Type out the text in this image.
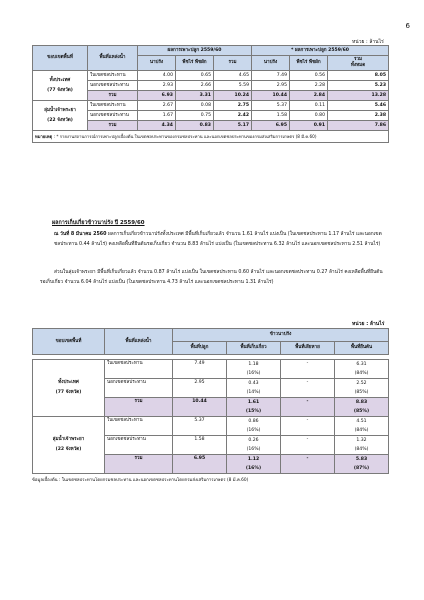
6
หน่วย : ล้านไร่
ขอบเขตพื้นที่	พื้นที่แหล่งน้ำ	ผลการเพาะปลูก 2559/60			* ผลการเพาะปลูก 2559/60		
		นาปรัง	พืชไร่ พืชผัก	รวม	นาปรัง	พืชไร่ พืชผัก	รวม
ทั้งหมด
ทั้งประเทศ
(77 จังหวัด)	ในเขตชลประทาน	4.00	0.65	4.65	7.49	0.56	8.05
	นอกเขตชลประทาน	2.93	2.66	5.59	2.95	2.28	5.23
	รวม	6.93	3.31	10.24	10.44	2.84	13.28
ลุ่มน้ำเจ้าพระยา
(22 จังหวัด)	ในเขตชลประทาน	2.67	0.08	2.75	5.37	0.11	5.46
	นอกเขตชลประทาน	1.67	0.75	2.42	1.58	0.80	2.38
	รวม	4.34	0.83	5.17	6.95	0.91	7.86
หมายเหตุ : * รายงานสถานการณ์การเพาะปลูกเบื้องต้น ในเขตชลประทานของกรมชลประทาน และนอกเขตชลประทานของกรมส่งเสริมการเกษตร (8 มี.ค.60)							
ผลการเก็บเกี่ยวข้าวนาปรัง ปี 2559/60
ณ วันที่ 8 มีนาคม 2560 ผลการเก็บเกี่ยวข้าวนาปรังทั้งประเทศ มีพื้นที่เก็บเกี่ยวแล้ว จำนวน 1.61 ล้านไร่ แบ่งเป็น (ในเขตชลประทาน 1.17 ล้านไร่ และนอกเขตชลประทาน 0.44 ล้านไร่) คงเหลือพื้นที่ยืนต้นรอเก็บเกี่ยว จำนวน 8.83 ล้านไร่ แบ่งเป็น (ในเขตชลประทาน 6.32 ล้านไร่ และนอกเขตชลประทาน 2.51 ล้านไร่)
ส่วนในลุ่มเจ้าพระยา มีพื้นที่เก็บเกี่ยวแล้ว จำนวน 0.87 ล้านไร่ แบ่งเป็น ในเขตชลประทาน 0.60 ล้านไร่ และนอกเขตชลประทาน 0.27 ล้านไร่ คงเหลือพื้นที่ยืนต้นรอเก็บเกี่ยว จำนวน 6.04 ล้านไร่ แบ่งเป็น (ในเขตชลประทาน 4.73 ล้านไร่ และนอกเขตชลประทาน 1.31 ล้านไร่)
หน่วย : ล้านไร่
ขอบเขตพื้นที่	พื้นที่แหล่งน้ำ	ข้าวนาปรัง			
		พื้นที่ปลูก	พื้นที่เก็บเกี่ยว	พื้นที่เสียหาย	พื้นที่ยืนต้น
ทั้งประเทศ
(77 จังหวัด)	ในเขตชลประทาน	7.49	1.18	-	6.31
			(16%)		(84%)
	นอกเขตชลประทาน	2.95	0.43	-	2.52
			(14%)		(85%)
	รวม	10.44	1.61	-	8.83
			(15%)		(85%)
ลุ่มน้ำเจ้าพระยา
(22 จังหวัด)	ในเขตชลประทาน	5.37	0.86	-	4.51
			(16%)		(84%)
	นอกเขตชลประทาน	1.58	0.26	-	1.32
			(16%)		(84%)
	รวม	6.95	1.12	-	5.83
			(16%)		(87%)
ข้อมูลเบื้องต้น : ในเขตชลประทานโดยกรมชลประทาน และนอกเขตชลประทานโดยกรมส่งเสริมการเกษตร (8 มี.ค.60)
